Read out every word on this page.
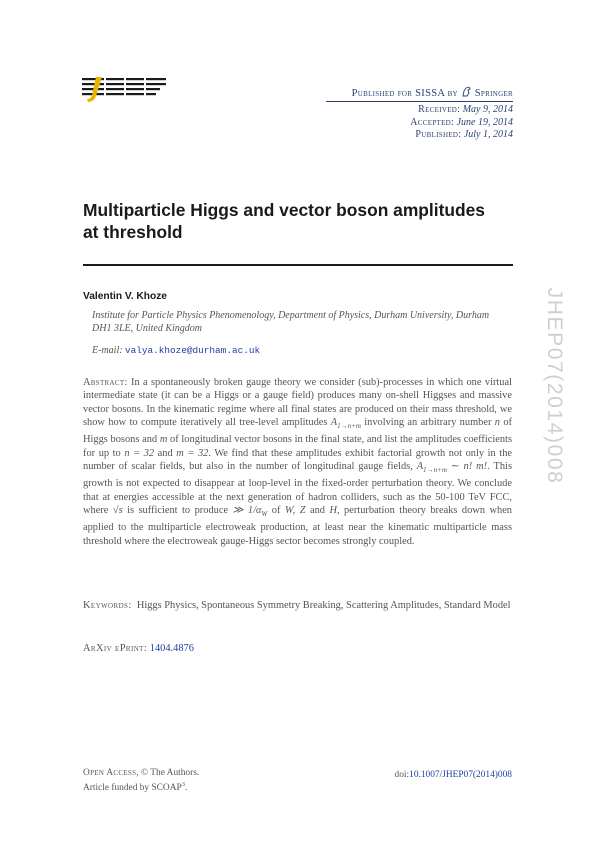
Published for SISSA by Springer
Received: May 9, 2014
Accepted: June 19, 2014
Published: July 1, 2014
Multiparticle Higgs and vector boson amplitudes at threshold
JHEP07(2014)008
Valentin V. Khoze
Institute for Particle Physics Phenomenology, Department of Physics, Durham University, Durham DH1 3LE, United Kingdom
E-mail: valya.khoze@durham.ac.uk
Abstract: In a spontaneously broken gauge theory we consider (sub)-processes in which one virtual intermediate state (it can be a Higgs or a gauge field) produces many on-shell Higgses and massive vector bosons. In the kinematic regime where all final states are produced on their mass threshold, we show how to compute iteratively all tree-level amplitudes $A_{1\to n+m}$ involving an arbitrary number n of Higgs bosons and m of longitudinal vector bosons in the final state, and list the amplitudes coefficients for up to n = 32 and m = 32. We find that these amplitudes exhibit factorial growth not only in the number of scalar fields, but also in the number of longitudinal gauge fields, $A_{1\to n+m}$ ∼ n! m!. This growth is not expected to disappear at loop-level in the fixed-order perturbation theory. We conclude that at energies accessible at the next generation of hadron colliders, such as the 50-100 TeV FCC, where √s is sufficient to produce ≫ $1/\alpha_W$ of W, Z and H, perturbation theory breaks down when applied to the multiparticle electroweak production, at least near the kinematic multiparticle mass threshold where the electroweak gauge-Higgs sector becomes strongly coupled.
Keywords: Higgs Physics, Spontaneous Symmetry Breaking, Scattering Amplitudes, Standard Model
ArXiv ePrint: 1404.4876
Open Access, © The Authors.
Article funded by SCOAP$^3$.
doi:10.1007/JHEP07(2014)008
